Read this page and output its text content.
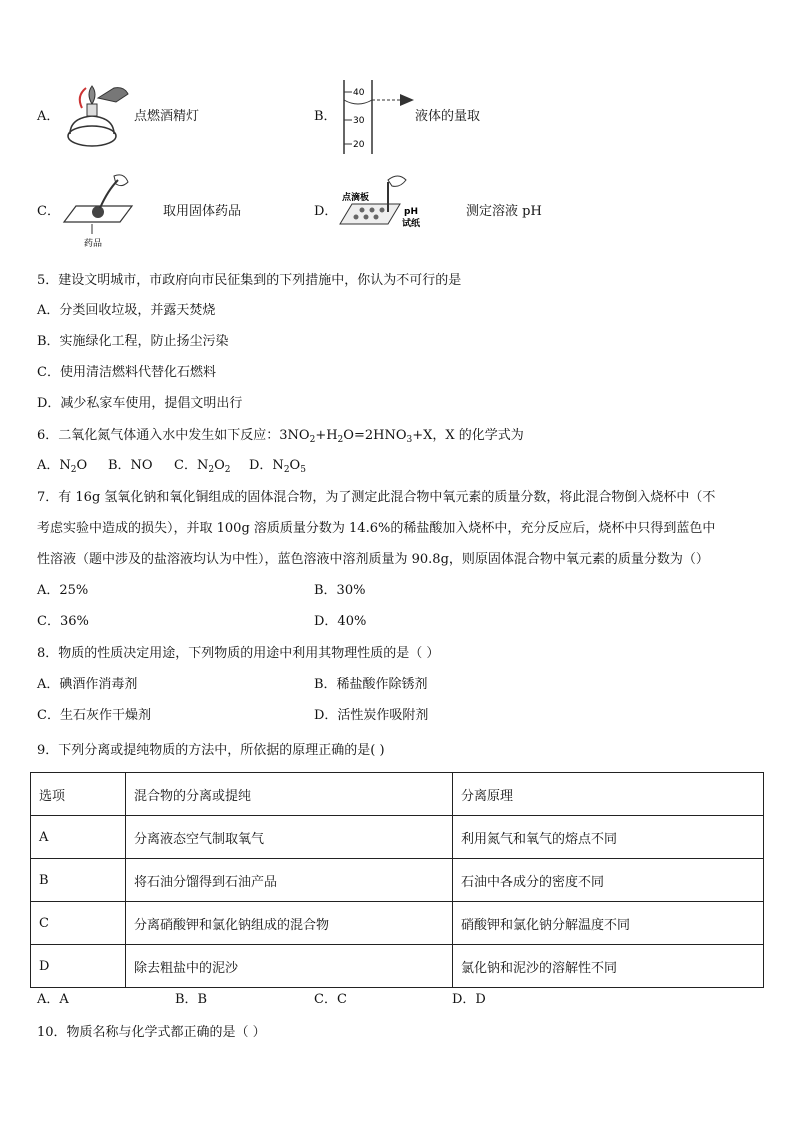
A．	点燃酒精灯	B．
40
30
20
液体的量取
C．
药品
取用固体药品	D．
点滴板
pH
试纸
测定溶液 pH
5．建设文明城市，市政府向市民征集到的下列措施中，你认为不可行的是
A．分类回收垃圾，并露天焚烧
B．实施绿化工程，防止扬尘污染
C．使用清洁燃料代替化石燃料
D．减少私家车使用，提倡文明出行
6．二氧化氮气体通入水中发生如下反应：$3NO_2+H_2O=2HNO_3+X$，X 的化学式为
A．$N_2O$ B．NO C．$N_2O_2$ D．$N_2O_5$
7．有 16g 氢氧化钠和氧化铜组成的固体混合物，为了测定此混合物中氧元素的质量分数，将此混合物倒入烧杯中（不
考虑实验中造成的损失），并取 100g 溶质质量分数为 14.6%的稀盐酸加入烧杯中，充分反应后，烧杯中只得到蓝色中
性溶液（题中涉及的盐溶液均认为中性），蓝色溶液中溶剂质量为 90.8g，则原固体混合物中氧元素的质量分数为（）
A．25%	B．30%
C．36%	D．40%
8．物质的性质决定用途，下列物质的用途中利用其物理性质的是（ ）
A．碘酒作消毒剂	B．稀盐酸作除锈剂
C．生石灰作干燥剂	D．活性炭作吸附剂
9．下列分离或提纯物质的方法中，所依据的原理正确的是( )
选项	混合物的分离或提纯	分离原理
A	分离液态空气制取氧气	利用氮气和氧气的熔点不同
B	将石油分馏得到石油产品	石油中各成分的密度不同
C	分离硝酸钾和氯化钠组成的混合物	硝酸钾和氯化钠分解温度不同
D	除去粗盐中的泥沙	氯化钠和泥沙的溶解性不同
A．A	B．B	C．C	D．D
10．物质名称与化学式都正确的是（ ）
